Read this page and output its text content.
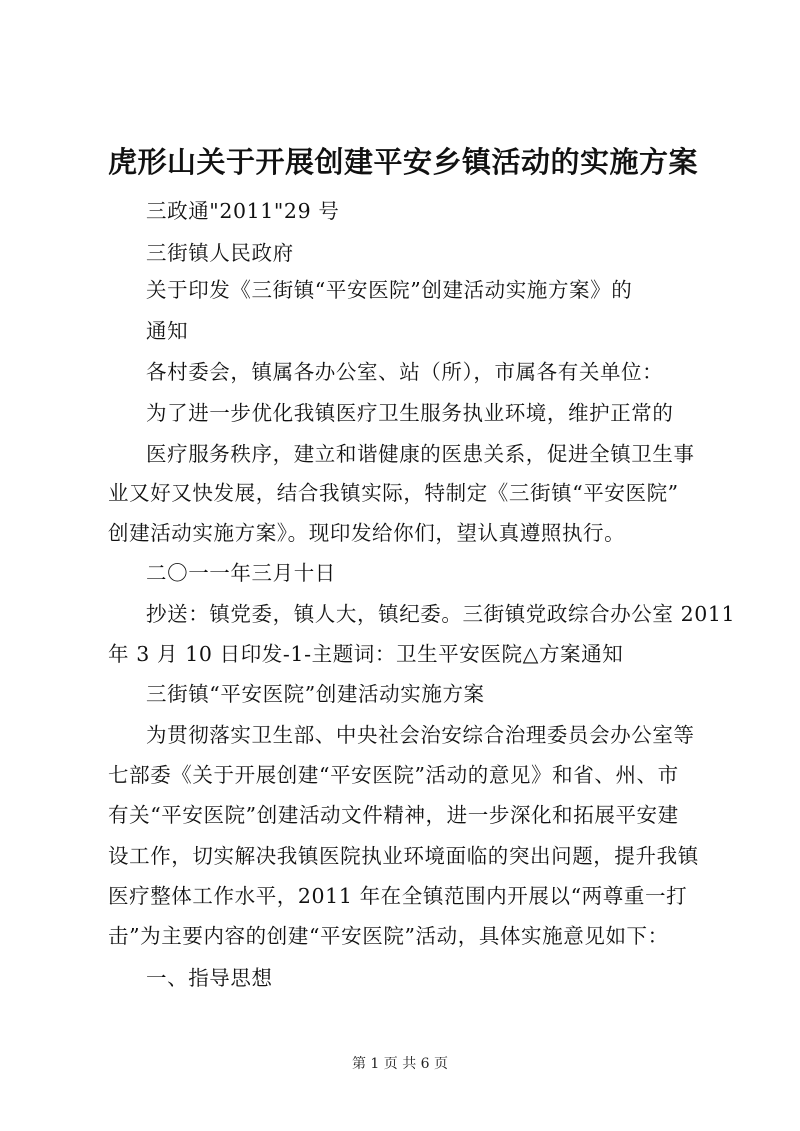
虎形山关于开展创建平安乡镇活动的实施方案
三政通"2011"29 号
三街镇人民政府
关于印发《三街镇“平安医院”创建活动实施方案》的
通知
各村委会，镇属各办公室、站（所），市属各有关单位：
为了进一步优化我镇医疗卫生服务执业环境，维护正常的
医疗服务秩序，建立和谐健康的医患关系，促进全镇卫生事
业又好又快发展，结合我镇实际，特制定《三街镇“平安医院”
创建活动实施方案》。现印发给你们，望认真遵照执行。
二〇一一年三月十日
抄送：镇党委，镇人大，镇纪委。三街镇党政综合办公室 2011
年 3 月 10 日印发-1-主题词：卫生平安医院△方案通知
三街镇“平安医院”创建活动实施方案
为贯彻落实卫生部、中央社会治安综合治理委员会办公室等
七部委《关于开展创建“平安医院”活动的意见》和省、州、市
有关“平安医院”创建活动文件精神，进一步深化和拓展平安建
设工作，切实解决我镇医院执业环境面临的突出问题，提升我镇
医疗整体工作水平，2011 年在全镇范围内开展以“两尊重一打
击”为主要内容的创建“平安医院”活动，具体实施意见如下：
一、指导思想
第 1 页 共 6 页
